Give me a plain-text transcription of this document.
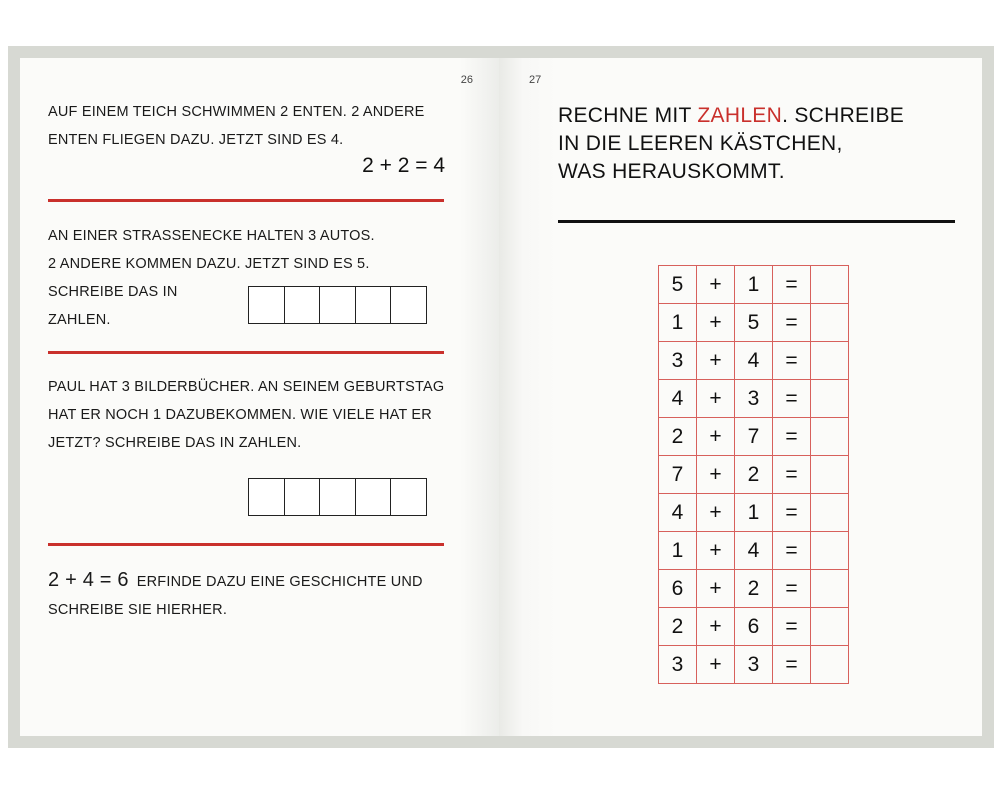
26
AUF EINEM TEICH SCHWIMMEN 2 ENTEN. 2 ANDERE
ENTEN FLIEGEN DAZU. JETZT SIND ES 4.
2 + 2 = 4
AN EINER STRASSENECKE HALTEN 3 AUTOS.
2 ANDERE KOMMEN DAZU. JETZT SIND ES 5.
SCHREIBE DAS IN
ZAHLEN.
PAUL HAT 3 BILDERBÜCHER. AN SEINEM GEBURTSTAG
HAT ER NOCH 1 DAZUBEKOMMEN. WIE VIELE HAT ER
JETZT? SCHREIBE DAS IN ZAHLEN.
2 + 4 = 6 ERFINDE DAZU EINE GESCHICHTE UND
SCHREIBE SIE HIERHER.
27
RECHNE MIT ZAHLEN. SCHREIBE
IN DIE LEEREN KÄSTCHEN,
WAS HERAUSKOMMT.
5	+	1	=	
1	+	5	=	
3	+	4	=	
4	+	3	=	
2	+	7	=	
7	+	2	=	
4	+	1	=	
1	+	4	=	
6	+	2	=	
2	+	6	=	
3	+	3	=	
